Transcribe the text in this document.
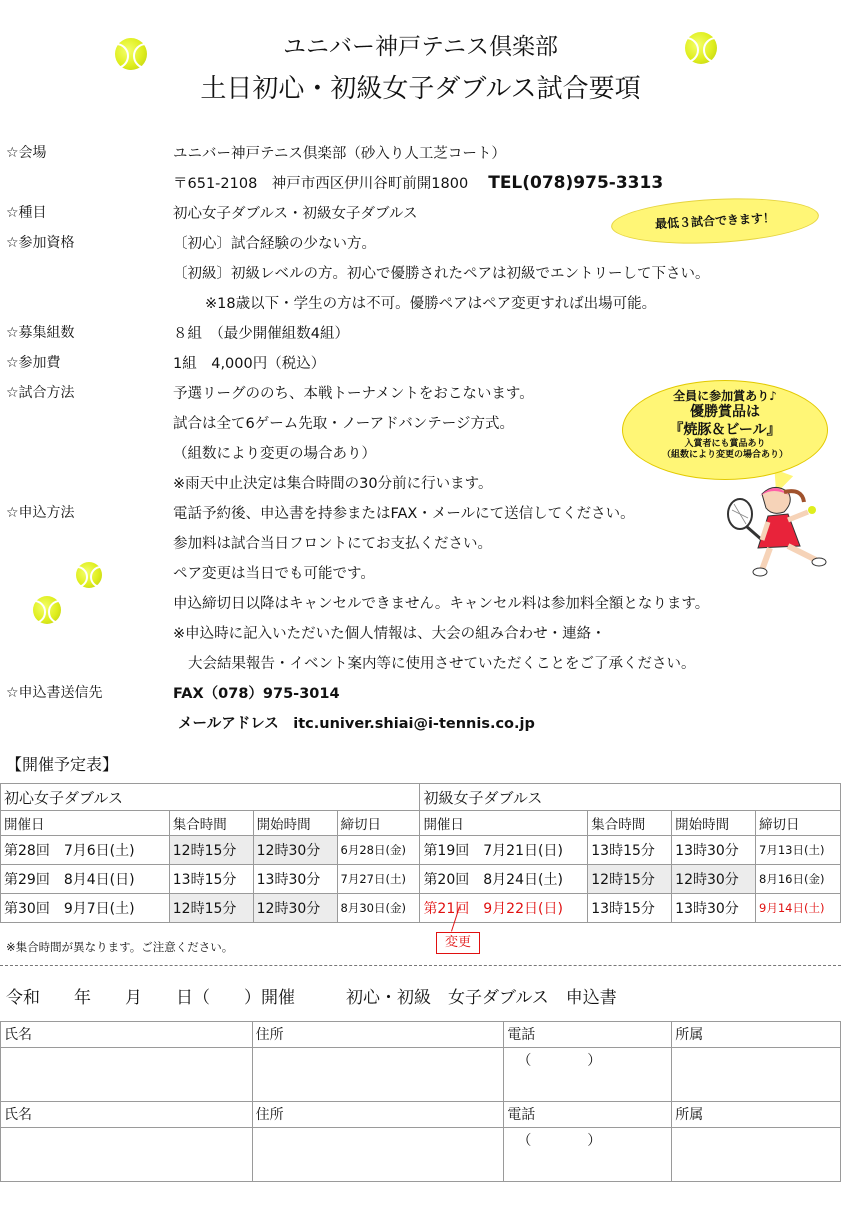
ユニバー神戸テニス倶楽部
土日初心・初級女子ダブルス試合要項
☆会場	ユニバー神戸テニス倶楽部（砂入り人工芝コート）
〒651-2108　神戸市西区伊川谷町前開1800 TEL(078)975-3313
☆種目	初心女子ダブルス・初級女子ダブルス
☆参加資格	〔初心〕試合経験の少ない方。
〔初級〕初級レベルの方。初心で優勝されたペアは初級でエントリーして下さい。
※18歳以下・学生の方は不可。優勝ペアはペア変更すれば出場可能。
☆募集組数	８組　（最少開催組数4組）
☆参加費	1組　4,000円（税込）
☆試合方法	予選リーグののち、本戦トーナメントをおこないます。
試合は全て6ゲーム先取・ノーアドバンテージ方式。
（組数により変更の場合あり）
※雨天中止決定は集合時間の30分前に行います。
☆申込方法	電話予約後、申込書を持参またはFAX・メールにて送信してください。
参加料は試合当日フロントにてお支払ください。
ペア変更は当日でも可能です。
申込締切日以降はキャンセルできません。キャンセル料は参加料全額となります。
※申込時に記入いただいた個人情報は、大会の組み合わせ・連絡・
大会結果報告・イベント案内等に使用させていただくことをご了承ください。
☆申込書送信先	FAX（078）975-3014
メールアドレス　itc.univer.shiai@i-tennis.co.jp
最低３試合できます！
全員に参加賞あり♪
優勝賞品は
『焼豚＆ビール』
入賞者にも賞品あり
（組数により変更の場合あり）
【開催予定表】
初心女子ダブルス				初級女子ダブルス			
開催日	集合時間	開始時間	締切日	開催日	集合時間	開始時間	締切日
第28回　7月6日(土)	12時15分	12時30分	6月28日(金)	第19回　 7月21日(日)	13時15分	13時30分	7月13日(土)
第29回　8月4日(日)	13時15分	13時30分	7月27日(土)	第20回　 8月24日(土)	12時15分	12時30分	8月16日(金)
第30回　9月7日(土)	12時15分	12時30分	8月30日(金)	第21回　 9月22日(日)	13時15分	13時30分	9月14日(土)
※集合時間が異なります。ご注意ください。	変更
令和　　年　　月　　日（　　）開催　　　初心・初級　女子ダブルス　申込書
氏名	住所	電話	所属
		（　　　　）	
氏名	住所	電話	所属
		（　　　　）	
